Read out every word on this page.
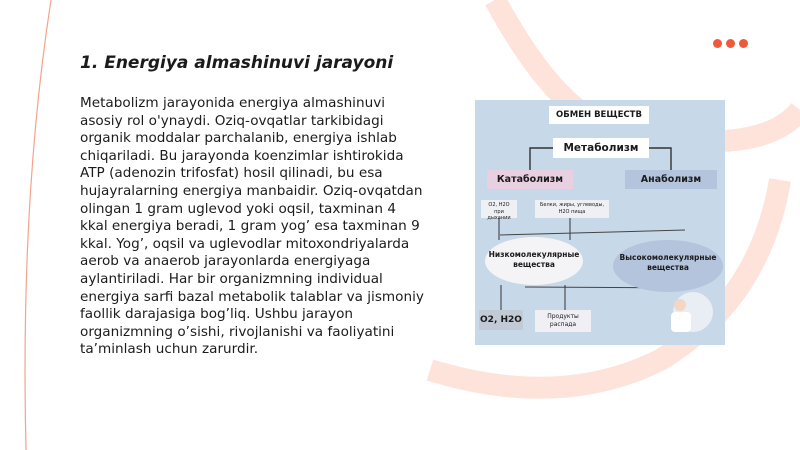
1. Energiya almashinuvi jarayoni

Metabolizm jarayonida energiya almashinuvi asosiy rol o'ynaydi. Oziq-ovqatlar tarkibidagi organik moddalar parchalanib, energiya ishlab chiqariladi. Bu jarayonda koenzimlar ishtirokida ATP (adenozin trifosfat) hosil qilinadi, bu esa hujayralarning energiya manbaidir. Oziq-ovqatdan olingan 1 gram uglevod yoki oqsil, taxminan 4 kkal energiya beradi, 1 gram yog’ esa taxminan 9 kkal. Yog’, oqsil va uglevodlar mitoxondriyalarda aerob va anaerob jarayonlarda energiyaga aylantiriladi. Har bir organizmning individual energiya sarfi bazal metabolik talablar va jismoniy faollik darajasiga bog’liq. Ushbu jarayon organizmning o’sishi, rivojlanishi va faoliyatini ta’minlash uchun zarurdir.

ОБМЕН ВЕЩЕСТВ
Метаболизм
Катаболизм	Анаболизм
O2, H2O при дыхании
Белки, жиры, углеводы, H2O пища
Низкомолекулярные вещества
Высокомолекулярные вещества
O2, H2O	Продукты распада
